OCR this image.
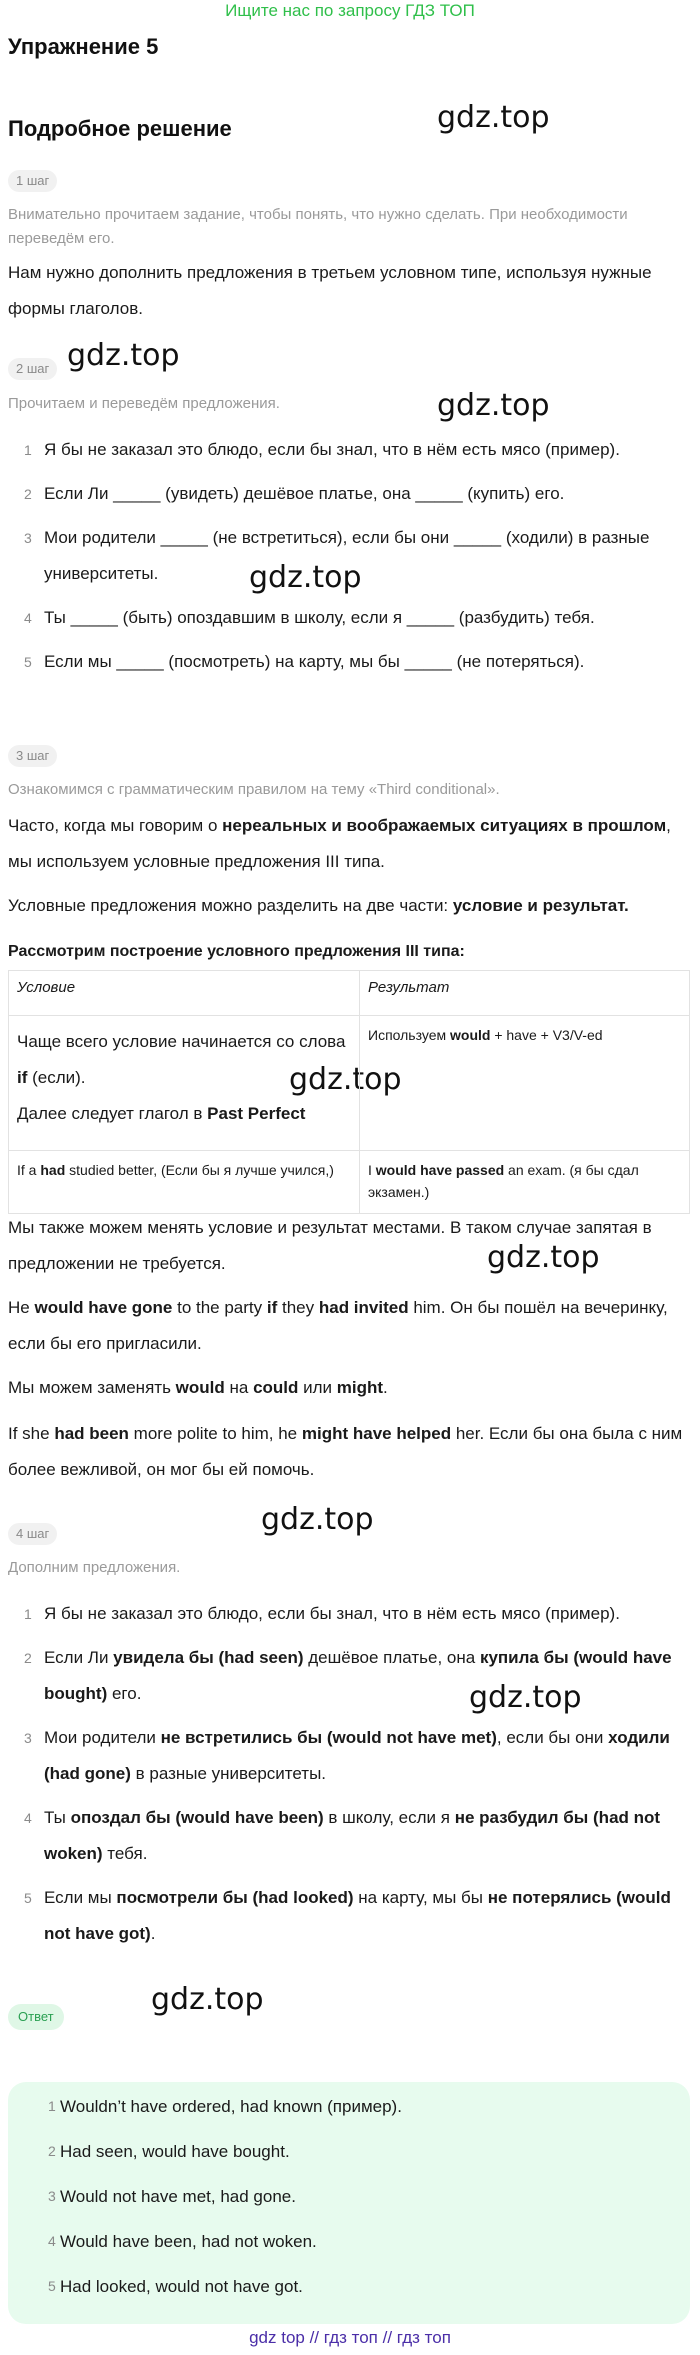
Ищите нас по запросу ГДЗ ТОП
Упражнение 5
Подробное решение	gdz.top
gdz.top
gdz.top
gdz.top
gdz.top
gdz.top
gdz.top
gdz.top
gdz.top
1 шаг
Внимательно прочитаем задание, чтобы понять, что нужно сделать. При необходимости переведём его.
Нам нужно дополнить предложения в третьем условном типе, используя нужные формы глаголов.
2 шаг
Прочитаем и переведём предложения.
1 Я бы не заказал это блюдо, если бы знал, что в нём есть мясо (пример).
2 Если Ли _____ (увидеть) дешёвое платье, она _____ (купить) его.
3 Мои родители _____ (не встретиться), если бы они _____ (ходили) в разные университеты.
4 Ты _____ (быть) опоздавшим в школу, если я _____ (разбудить) тебя.
5 Если мы _____ (посмотреть) на карту, мы бы _____ (не потеряться).
3 шаг
Ознакомимся с грамматическим правилом на тему «Third conditional».
Часто, когда мы говорим о нереальных и воображаемых ситуациях в прошлом, мы используем условные предложения III типа.
Условные предложения можно разделить на две части: условие и результат.
Рассмотрим построение условного предложения III типа:
Условие	Результат
Чаще всего условие начинается со слова if (если).
Далее следует глагол в Past Perfect	Используем would + have + V3/V-ed
If a had studied better, (Если бы я лучше учился,)	I would have passed an exam. (я бы сдал экзамен.)
Мы также можем менять условие и результат местами. В таком случае запятая в предложении не требуется.
He would have gone to the party if they had invited him. Он бы пошёл на вечеринку, если бы его пригласили.
Мы можем заменять would на could или might.
If she had been more polite to him, he might have helped her. Если бы она была с ним более вежливой, он мог бы ей помочь.
4 шаг
Дополним предложения.
1 Я бы не заказал это блюдо, если бы знал, что в нём есть мясо (пример).
2 Если Ли увидела бы (had seen) дешёвое платье, она купила бы (would have bought) его.
3 Мои родители не встретились бы (would not have met), если бы они ходили (had gone) в разные университеты.
4 Ты опоздал бы (would have been) в школу, если я не разбудил бы (had not woken) тебя.
5 Если мы посмотрели бы (had looked) на карту, мы бы не потерялись (would not have got).
Ответ
1 Wouldn’t have ordered, had known (пример).
2 Had seen, would have bought.
3 Would not have met, had gone.
4 Would have been, had not woken.
5 Had looked, would not have got.
gdz top // гдз топ // гдз топ
